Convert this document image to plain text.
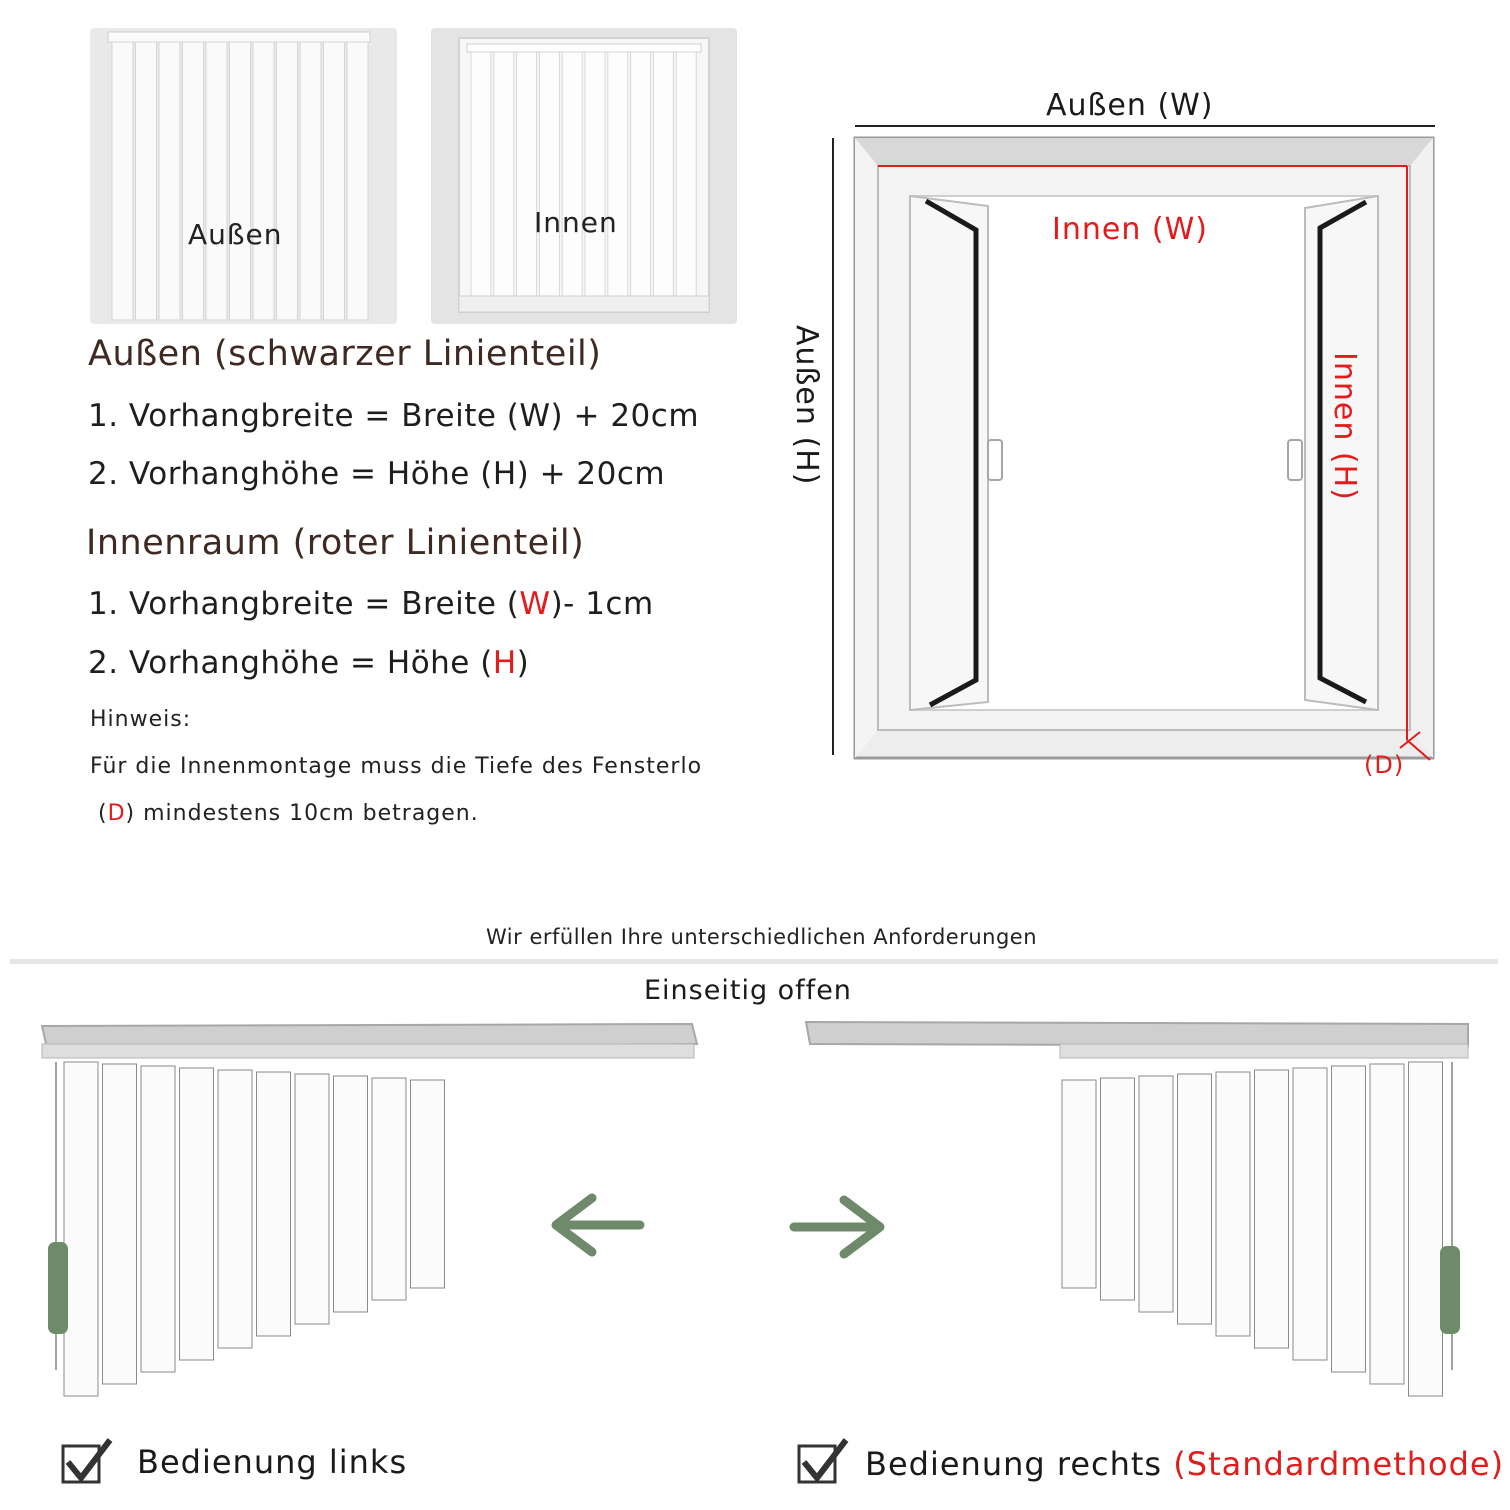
Außen	Innen
Außen (schwarzer Linienteil)
1. Vorhangbreite = Breite (W) + 20cm
2. Vorhanghöhe = Höhe (H) + 20cm
Innenraum (roter Linienteil)
1. Vorhangbreite = Breite (W)- 1cm
2. Vorhanghöhe = Höhe (H)
Hinweis:
Für die Innenmontage muss die Tiefe des Fensterlo
(D) mindestens 10cm betragen.
Außen (W)
Innen (W)
Außen (H)	Innen (H)
(D)
Wir erfüllen Ihre unterschiedlichen Anforderungen
Einseitig offen
Bedienung links	Bedienung rechts (Standardmethode)
